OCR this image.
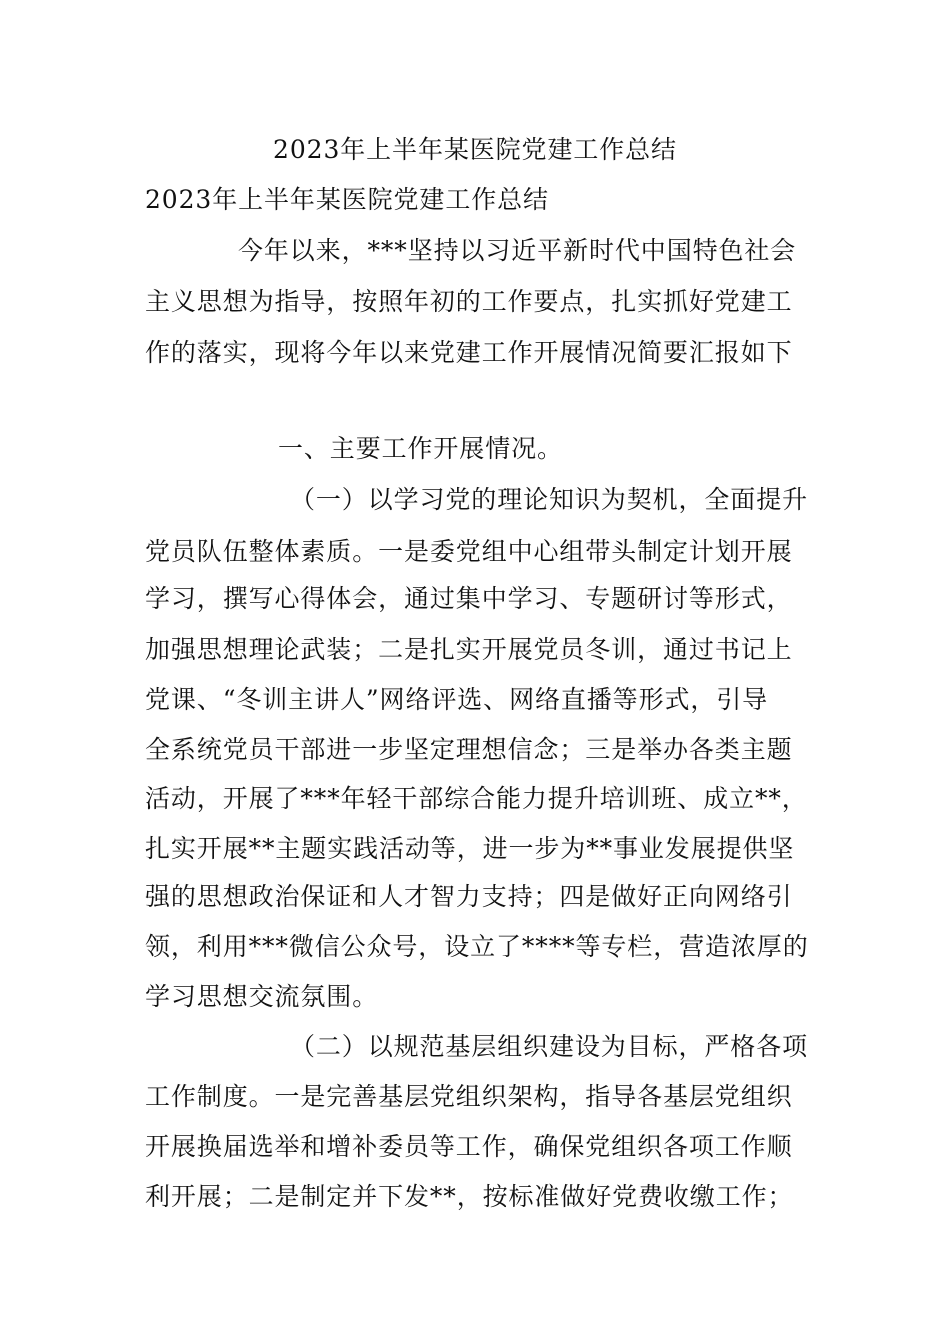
2023年上半年某医院党建工作总结
2023年上半年某医院党建工作总结
今年以来，***坚持以习近平新时代中国特色社会
主义思想为指导，按照年初的工作要点，扎实抓好党建工
作的落实，现将今年以来党建工作开展情况简要汇报如下
一、主要工作开展情况。
（一）以学习党的理论知识为契机，全面提升
党员队伍整体素质。一是委党组中心组带头制定计划开展
学习，撰写心得体会，通过集中学习、专题研讨等形式，
加强思想理论武装；二是扎实开展党员冬训，通过书记上
党课、“冬训主讲人”网络评选、网络直播等形式，引导
全系统党员干部进一步坚定理想信念；三是举办各类主题
活动，开展了***年轻干部综合能力提升培训班、成立**，
扎实开展**主题实践活动等，进一步为**事业发展提供坚
强的思想政治保证和人才智力支持；四是做好正向网络引
领，利用***微信公众号，设立了****等专栏，营造浓厚的
学习思想交流氛围。
（二）以规范基层组织建设为目标，严格各项
工作制度。一是完善基层党组织架构，指导各基层党组织
开展换届选举和增补委员等工作，确保党组织各项工作顺
利开展；二是制定并下发**，按标准做好党费收缴工作；
